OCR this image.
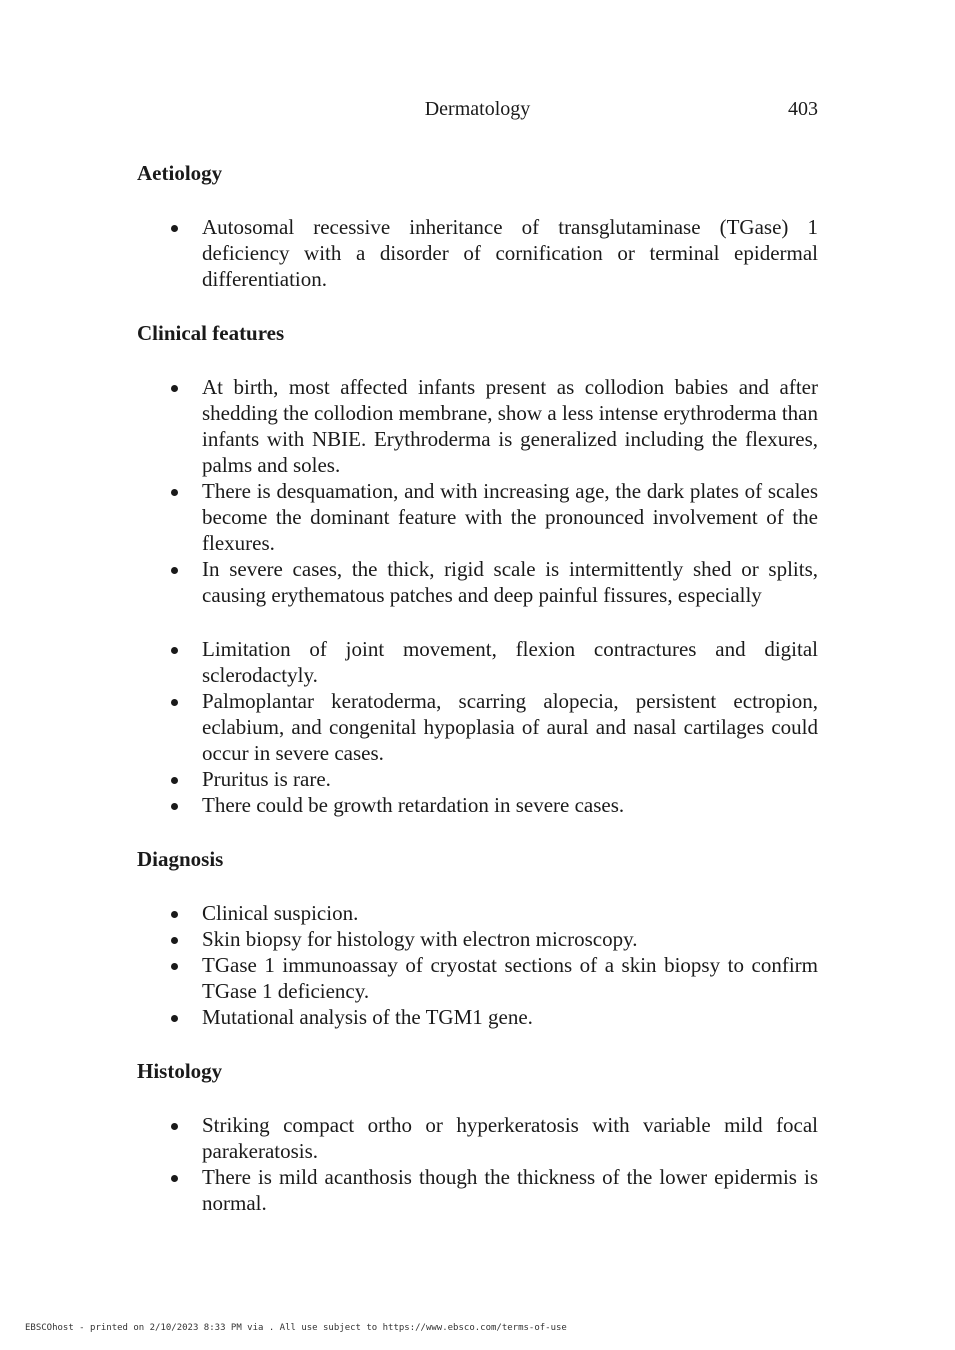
Dermatology	403
Aetiology
Autosomal recessive inheritance of transglutaminase (TGase) 1 deficiency with a disorder of cornification or terminal epidermal differentiation.
Clinical features
At birth, most affected infants present as collodion babies and after shedding the collodion membrane, show a less intense erythroderma than infants with NBIE. Erythroderma is generalized including the flexures, palms and soles.
There is desquamation, and with increasing age, the dark plates of scales become the dominant feature with the pronounced involvement of the flexures.
In severe cases, the thick, rigid scale is intermittently shed or splits, causing erythematous patches and deep painful fissures, especially
Limitation of joint movement, flexion contractures and digital sclerodactyly.
Palmoplantar keratoderma, scarring alopecia, persistent ectropion, eclabium, and congenital hypoplasia of aural and nasal cartilages could occur in severe cases.
Pruritus is rare.
There could be growth retardation in severe cases.
Diagnosis
Clinical suspicion.
Skin biopsy for histology with electron microscopy.
TGase 1 immunoassay of cryostat sections of a skin biopsy to confirm TGase 1 deficiency.
Mutational analysis of the TGM1 gene.
Histology
Striking compact ortho or hyperkeratosis with variable mild focal parakeratosis.
There is mild acanthosis though the thickness of the lower epidermis is normal.
EBSCOhost - printed on 2/10/2023 8:33 PM via . All use subject to https://www.ebsco.com/terms-of-use
